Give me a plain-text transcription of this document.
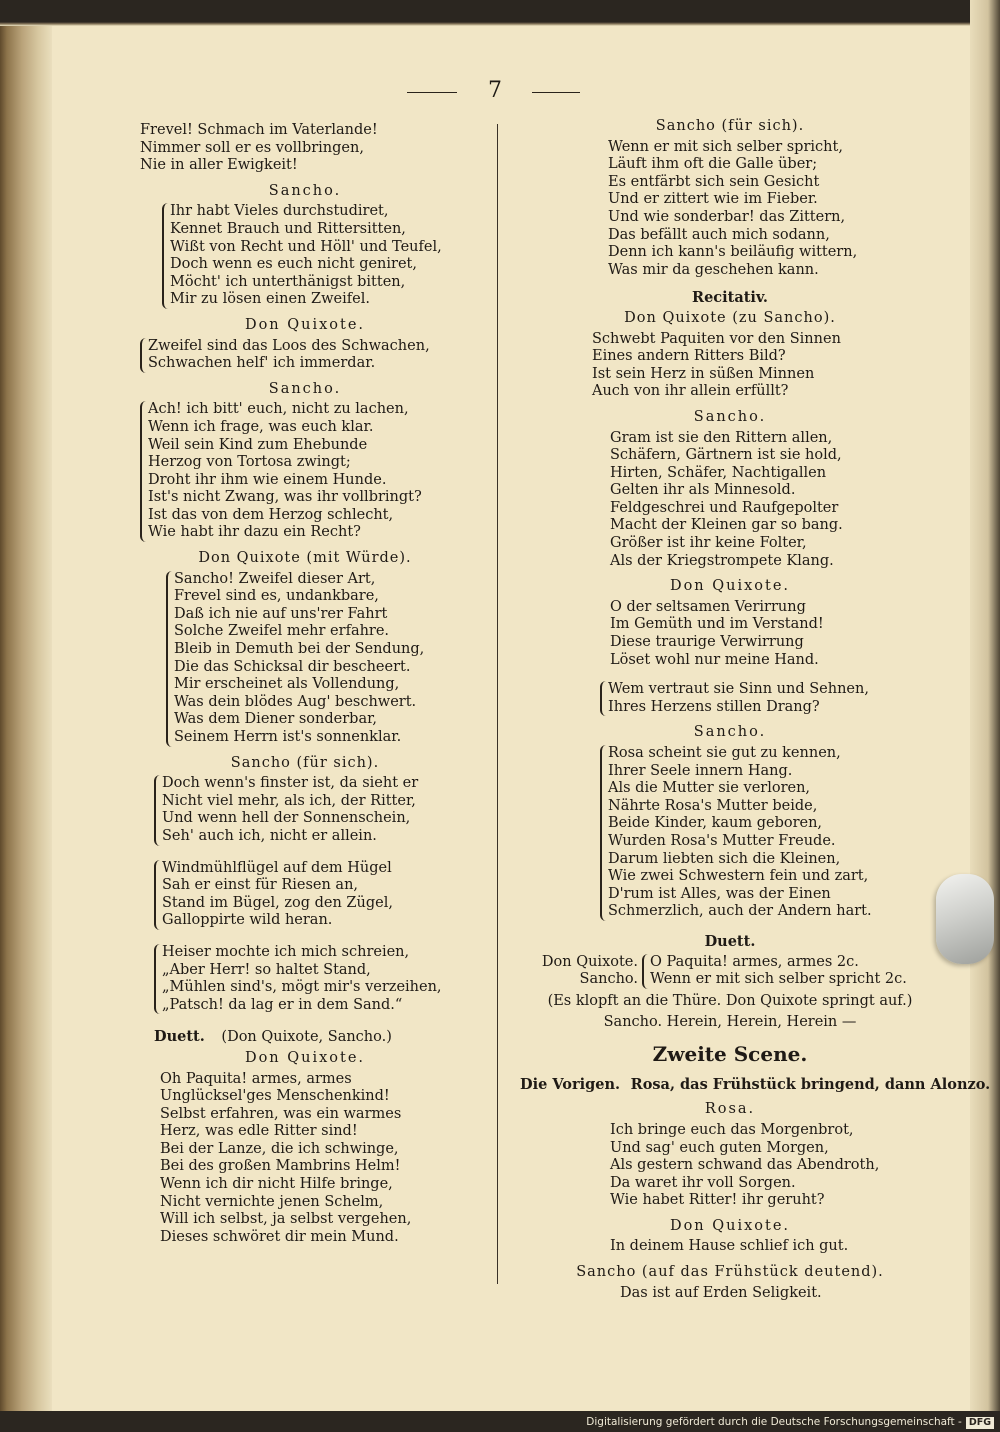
7
Frevel! Schmach im Vaterlande!
Nimmer soll er es vollbringen,
Nie in aller Ewigkeit!
Sancho.
Ihr habt Vieles durchstudiret,
Kennet Brauch und Rittersitten,
Wißt von Recht und Höll' und Teufel,
Doch wenn es euch nicht geniret,
Möcht' ich unterthänigst bitten,
Mir zu lösen einen Zweifel.
Don Quixote.
Zweifel sind das Loos des Schwachen,
Schwachen helf' ich immerdar.
Sancho.
Ach! ich bitt' euch, nicht zu lachen,
Wenn ich frage, was euch klar.
Weil sein Kind zum Ehebunde
Herzog von Tortosa zwingt;
Droht ihr ihm wie einem Hunde.
Ist's nicht Zwang, was ihr vollbringt?
Ist das von dem Herzog schlecht,
Wie habt ihr dazu ein Recht?
Don Quixote (mit Würde).
Sancho! Zweifel dieser Art,
Frevel sind es, undankbare,
Daß ich nie auf uns'rer Fahrt
Solche Zweifel mehr erfahre.
Bleib in Demuth bei der Sendung,
Die das Schicksal dir bescheert.
Mir erscheinet als Vollendung,
Was dein blödes Aug' beschwert.
Was dem Diener sonderbar,
Seinem Herrn ist's sonnenklar.
Sancho (für sich).
Doch wenn's finster ist, da sieht er
Nicht viel mehr, als ich, der Ritter,
Und wenn hell der Sonnenschein,
Seh' auch ich, nicht er allein.
Windmühlflügel auf dem Hügel
Sah er einst für Riesen an,
Stand im Bügel, zog den Zügel,
Galloppirte wild heran.
Heiser mochte ich mich schreien,
„Aber Herr! so haltet Stand,
„Mühlen sind's, mögt mir's verzeihen,
„Patsch! da lag er in dem Sand.“
Duett. (Don Quixote, Sancho.)
Don Quixote.
Oh Paquita! armes, armes
Unglücksel'ges Menschenkind!
Selbst erfahren, was ein warmes
Herz, was edle Ritter sind!
Bei der Lanze, die ich schwinge,
Bei des großen Mambrins Helm!
Wenn ich dir nicht Hilfe bringe,
Nicht vernichte jenen Schelm,
Will ich selbst, ja selbst vergehen,
Dieses schwöret dir mein Mund.
Sancho (für sich).
Wenn er mit sich selber spricht,
Läuft ihm oft die Galle über;
Es entfärbt sich sein Gesicht
Und er zittert wie im Fieber.
Und wie sonderbar! das Zittern,
Das befällt auch mich sodann,
Denn ich kann's beiläufig wittern,
Was mir da geschehen kann.
Recitativ.
Don Quixote (zu Sancho).
Schwebt Paquiten vor den Sinnen
Eines andern Ritters Bild?
Ist sein Herz in süßen Minnen
Auch von ihr allein erfüllt?
Sancho.
Gram ist sie den Rittern allen,
Schäfern, Gärtnern ist sie hold,
Hirten, Schäfer, Nachtigallen
Gelten ihr als Minnesold.
Feldgeschrei und Raufgepolter
Macht der Kleinen gar so bang.
Größer ist ihr keine Folter,
Als der Kriegstrompete Klang.
Don Quixote.
O der seltsamen Verirrung
Im Gemüth und im Verstand!
Diese traurige Verwirrung
Löset wohl nur meine Hand.
Wem vertraut sie Sinn und Sehnen,
Ihres Herzens stillen Drang?
Sancho.
Rosa scheint sie gut zu kennen,
Ihrer Seele innern Hang.
Als die Mutter sie verloren,
Nährte Rosa's Mutter beide,
Beide Kinder, kaum geboren,
Wurden Rosa's Mutter Freude.
Darum liebten sich die Kleinen,
Wie zwei Schwestern fein und zart,
D'rum ist Alles, was der Einen
Schmerzlich, auch der Andern hart.
Duett.
Don Quixote.
Sancho.
O Paquita! armes, armes 2c.
Wenn er mit sich selber spricht 2c.
(Es klopft an die Thüre. Don Quixote springt auf.)
Sancho. Herein, Herein, Herein —
Zweite Scene.
Die Vorigen. Rosa, das Frühstück bringend, dann Alonzo.
Rosa.
Ich bringe euch das Morgenbrot,
Und sag' euch guten Morgen,
Als gestern schwand das Abendroth,
Da waret ihr voll Sorgen.
Wie habet Ritter! ihr geruht?
Don Quixote.
In deinem Hause schlief ich gut.
Sancho (auf das Frühstück deutend).
Das ist auf Erden Seligkeit.
Digitalisierung gefördert durch die Deutsche Forschungsgemeinschaft - DFG
